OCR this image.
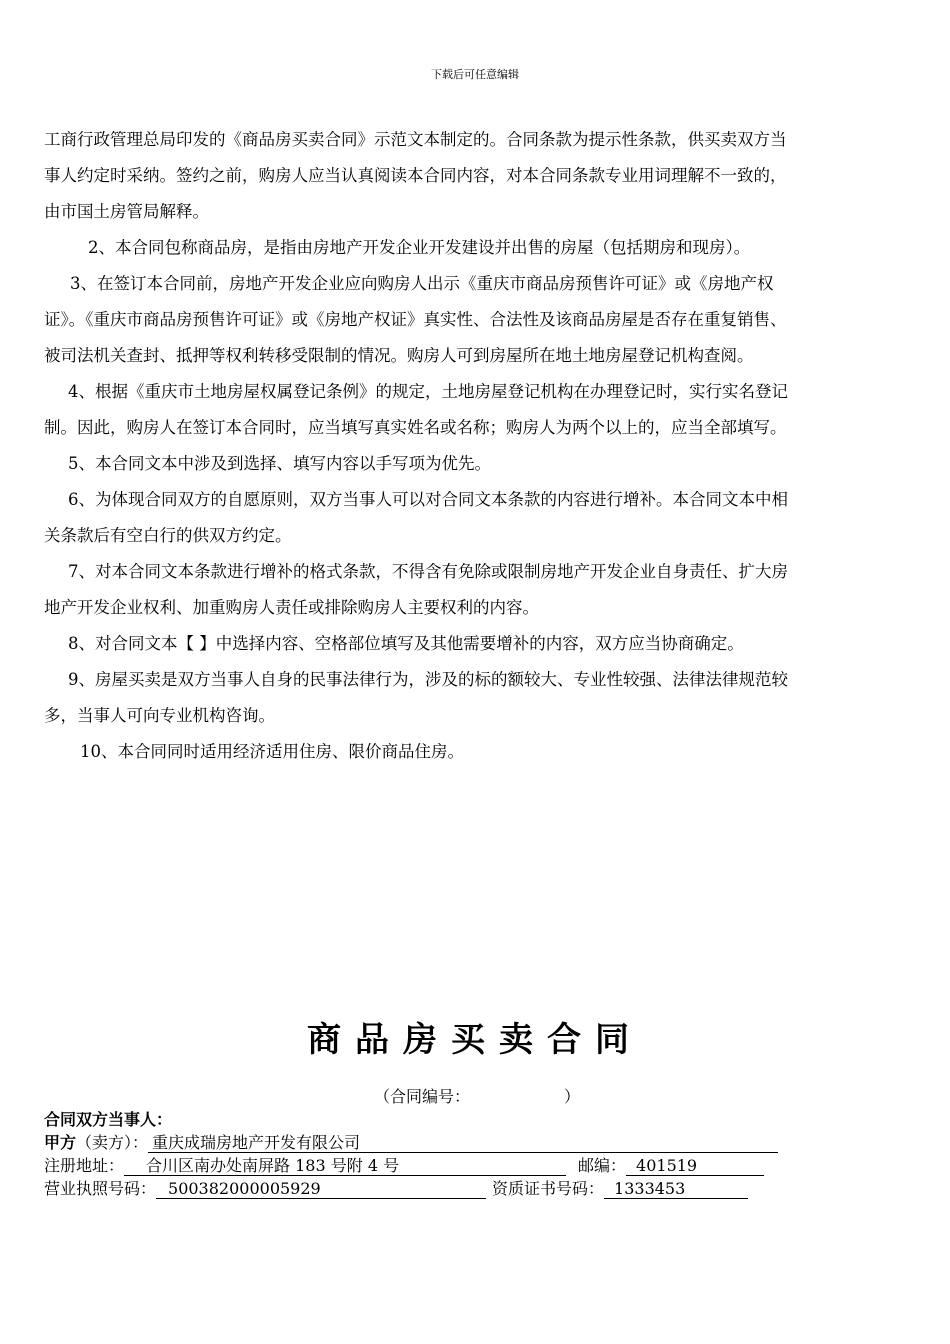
下载后可任意编辑
工商行政管理总局印发的《商品房买卖合同》示范文本制定的。合同条款为提示性条款，供买卖双方当
事人约定时采纳。签约之前，购房人应当认真阅读本合同内容，对本合同条款专业用词理解不一致的，
由市国土房管局解释。
2、本合同包称商品房，是指由房地产开发企业开发建设并出售的房屋（包括期房和现房）。
3、在签订本合同前，房地产开发企业应向购房人出示《重庆市商品房预售许可证》或《房地产权
证》。《重庆市商品房预售许可证》或《房地产权证》真实性、合法性及该商品房屋是否存在重复销售、
被司法机关查封、抵押等权利转移受限制的情况。购房人可到房屋所在地土地房屋登记机构查阅。
4、根据《重庆市土地房屋权属登记条例》的规定，土地房屋登记机构在办理登记时，实行实名登记
制。因此，购房人在签订本合同时，应当填写真实姓名或名称；购房人为两个以上的，应当全部填写。
5、本合同文本中涉及到选择、填写内容以手写项为优先。
6、为体现合同双方的自愿原则，双方当事人可以对合同文本条款的内容进行增补。本合同文本中相
关条款后有空白行的供双方约定。
7、对本合同文本条款进行增补的格式条款，不得含有免除或限制房地产开发企业自身责任、扩大房
地产开发企业权利、加重购房人责任或排除购房人主要权利的内容。
8、对合同文本【 】中选择内容、空格部位填写及其他需要增补的内容，双方应当协商确定。
9、房屋买卖是双方当事人自身的民事法律行为，涉及的标的额较大、专业性较强、法律法律规范较
多，当事人可向专业机构咨询。
10、本合同同时适用经济适用住房、限价商品住房。
商品房买卖合同
（合同编号：	）
合同双方当事人：
甲方（卖方）： 重庆成瑞房地产开发有限公司
注册地址： 合川区南办处南屏路 183 号附 4 号	邮编： 401519
营业执照号码： 500382000005929	资质证书号码： 1333453
